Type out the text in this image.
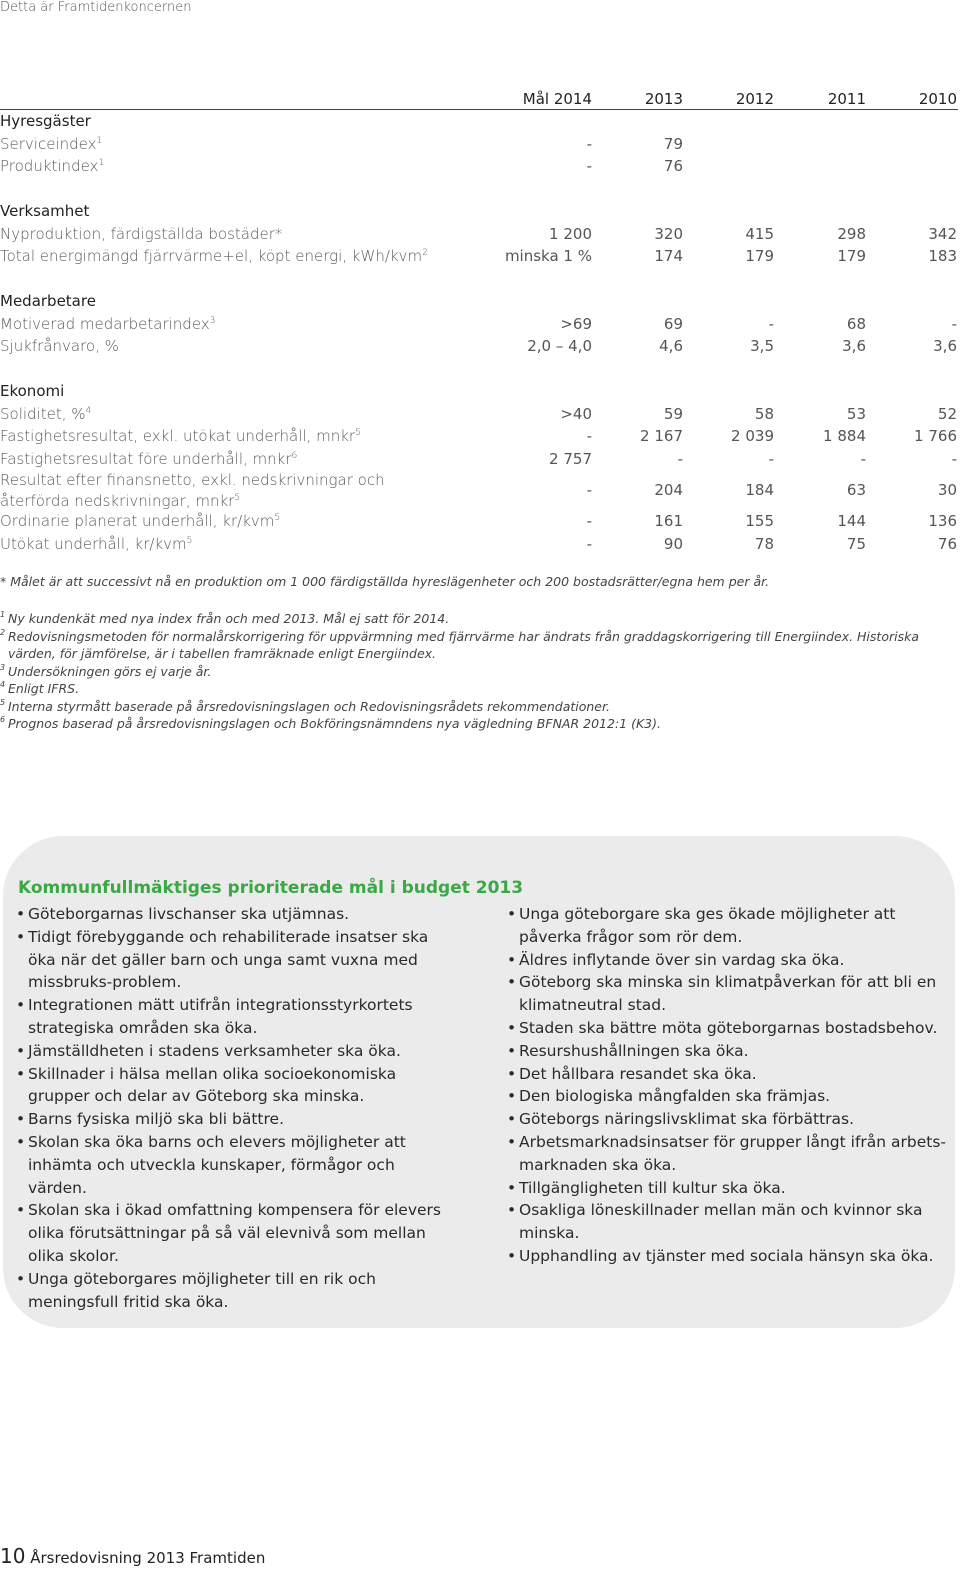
Detta är Framtidenkoncernen
Mål 2014	2013	2012	2011	2010
Hyresgäster
Serviceindex$^1$	-	79
Produktindex$^1$	-	76
Verksamhet
Nyproduktion, färdigställda bostäder*	1 200	320	415	298	342
Total energimängd fjärrvärme+el, köpt energi, kWh/kvm$^2$	minska 1 %	174	179	179	183
Medarbetare
Motiverad medarbetarindex$^3$	>69	69	-	68	-
Sjukfrånvaro, %	2,0 – 4,0	4,6	3,5	3,6	3,6
Ekonomi
Soliditet, %$^4$	>40	59	58	53	52
Fastighetsresultat, exkl. utökat underhåll, mnkr$^5$	-	2 167	2 039	1 884	1 766
Fastighetsresultat före underhåll, mnkr$^6$	2 757	-	-	-	-
Resultat efter finansnetto, exkl. nedskrivningar och
återförda nedskrivningar, mnkr$^5$	-	204	184	63	30
Ordinarie planerat underhåll, kr/kvm$^5$	-	161	155	144	136
Utökat underhåll, kr/kvm$^5$	-	90	78	75	76
* Målet är att successivt nå en produktion om 1 000 färdigställda hyreslägenheter och 200 bostadsrätter/egna hem per år.
1 Ny kundenkät med nya index från och med 2013. Mål ej satt för 2014.
2 Redovisningsmetoden för normalårskorrigering för uppvärmning med fjärrvärme har ändrats från graddagskorrigering till Energiindex. Historiska värden, för jämförelse, är i tabellen framräknade enligt Energiindex.
3 Undersökningen görs ej varje år.
4 Enligt IFRS.
5 Interna styrmått baserade på årsredovisningslagen och Redovisningsrådets rekommendationer.
6 Prognos baserad på årsredovisningslagen och Bokföringsnämndens nya vägledning BFNAR 2012:1 (K3).
Kommunfullmäktiges prioriterade mål i budget 2013
• Göteborgarnas livschanser ska utjämnas.
• Tidigt förebyggande och rehabiliterade insatser ska öka när det gäller barn och unga samt vuxna med missbruks-problem.
• Integrationen mätt utifrån integrationsstyrkortets strategiska områden ska öka.
• Jämställdheten i stadens verksamheter ska öka.
• Skillnader i hälsa mellan olika socioekonomiska grupper och delar av Göteborg ska minska.
• Barns fysiska miljö ska bli bättre.
• Skolan ska öka barns och elevers möjligheter att inhämta och utveckla kunskaper, förmågor och värden.
• Skolan ska i ökad omfattning kompensera för elevers olika förutsättningar på så väl elevnivå som mellan olika skolor.
• Unga göteborgares möjligheter till en rik och meningsfull fritid ska öka.
• Unga göteborgare ska ges ökade möjligheter att påverka frågor som rör dem.
• Äldres inflytande över sin vardag ska öka.
• Göteborg ska minska sin klimatpåverkan för att bli en klimatneutral stad.
• Staden ska bättre möta göteborgarnas bostadsbehov.
• Resurshushållningen ska öka.
• Det hållbara resandet ska öka.
• Den biologiska mångfalden ska främjas.
• Göteborgs näringslivsklimat ska förbättras.
• Arbetsmarknadsinsatser för grupper långt ifrån arbets-marknaden ska öka.
• Tillgängligheten till kultur ska öka.
• Osakliga löneskillnader mellan män och kvinnor ska minska.
• Upphandling av tjänster med sociala hänsyn ska öka.
10 Årsredovisning 2013 Framtiden
